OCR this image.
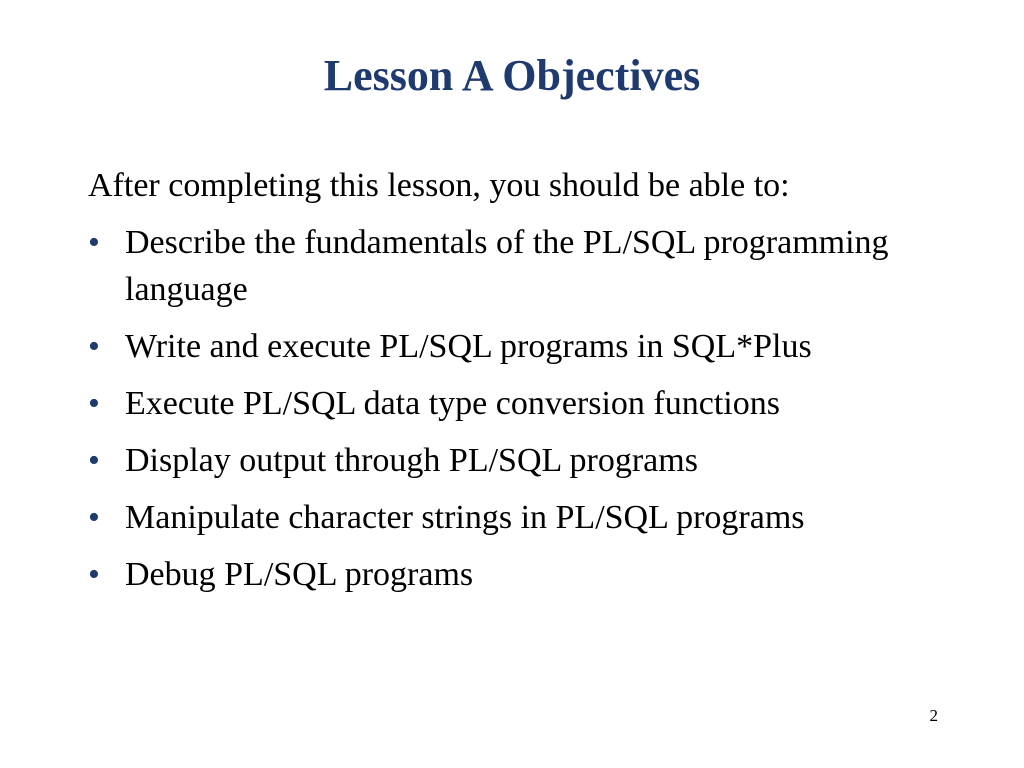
Lesson A Objectives

After completing this lesson, you should be able to:

• Describe the fundamentals of the PL/SQL programming language
• Write and execute PL/SQL programs in SQL*Plus
• Execute PL/SQL data type conversion functions
• Display output through PL/SQL programs
• Manipulate character strings in PL/SQL programs
• Debug PL/SQL programs
2
